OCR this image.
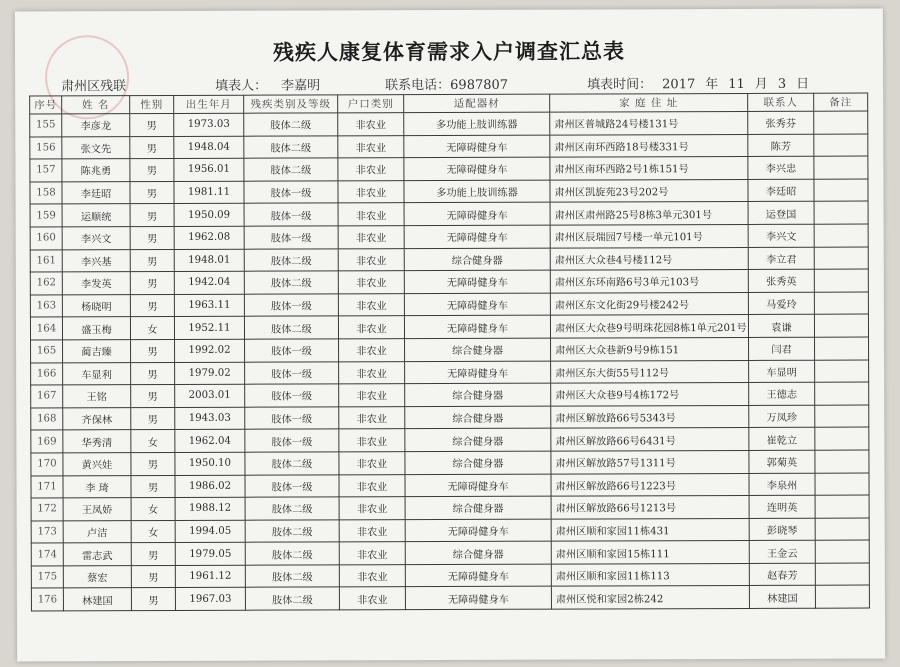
残疾人康复体育需求入户调查汇总表
肃州区残联	填表人： 李嘉明	联系电话：6987807	填表时间： 2017 年 11 月 3 日
序号	姓 名	性别	出生年月	残疾类别及等级	户口类别	适配器材	家 庭 住 址	联系人	备注
155	李彦龙	男	1973.03	肢体二级	非农业	多功能上肢训练器	肃州区普城路24号楼131号	张秀芬	
156	张文先	男	1948.04	肢体二级	非农业	无障碍健身车	肃州区南环西路18号楼331号	陈芳	
157	陈兆勇	男	1956.01	肢体二级	非农业	无障碍健身车	肃州区南环西路2号1栋151号	李兴忠	
158	李廷昭	男	1981.11	肢体一级	非农业	多功能上肢训练器	肃州区凯旋苑23号202号	李廷昭	
159	运顺统	男	1950.09	肢体一级	非农业	无障碍健身车	肃州区肃州路25号8栋3单元301号	运登国	
160	李兴文	男	1962.08	肢体一级	非农业	无障碍健身车	肃州区辰瑞园7号楼一单元101号	李兴文	
161	李兴基	男	1948.01	肢体二级	非农业	综合健身器	肃州区大众巷4号楼112号	李立君	
162	李发英	男	1942.04	肢体二级	非农业	无障碍健身车	肃州区东环南路6号3单元103号	张秀英	
163	杨晓明	男	1963.11	肢体一级	非农业	无障碍健身车	肃州区东文化街29号楼242号	马爱玲	
164	盛玉梅	女	1952.11	肢体二级	非农业	无障碍健身车	肃州区大众巷9号明珠花园8栋1单元201号	袁谦	
165	蔺吉臻	男	1992.02	肢体一级	非农业	综合健身器	肃州区大众巷新9号9栋151	闫君	
166	车显利	男	1979.02	肢体一级	非农业	无障碍健身车	肃州区东大街55号112号	车显明	
167	王铭	男	2003.01	肢体一级	非农业	综合健身器	肃州区大众巷9号4栋172号	王德志	
168	齐保林	男	1943.03	肢体一级	非农业	综合健身器	肃州区解放路66号5343号	万凤珍	
169	华秀清	女	1962.04	肢体一级	非农业	综合健身器	肃州区解放路66号6431号	崔乾立	
170	黄兴娃	男	1950.10	肢体二级	非农业	综合健身器	肃州区解放路57号1311号	郭菊英	
171	李 琦	男	1986.02	肢体一级	非农业	无障碍健身车	肃州区解放路66号1223号	李泉州	
172	王凤娇	女	1988.12	肢体二级	非农业	综合健身器	肃州区解放路66号1213号	连明英	
173	卢洁	女	1994.05	肢体二级	非农业	无障碍健身车	肃州区顺和家园11栋431	彭晓琴	
174	雷志武	男	1979.05	肢体二级	非农业	综合健身器	肃州区顺和家园15栋111	王金云	
175	蔡宏	男	1961.12	肢体二级	非农业	无障碍健身车	肃州区顺和家园11栋113	赵春芳	
176	林建国	男	1967.03	肢体二级	非农业	无障碍健身车	肃州区悦和家园2栋242	林建国	
